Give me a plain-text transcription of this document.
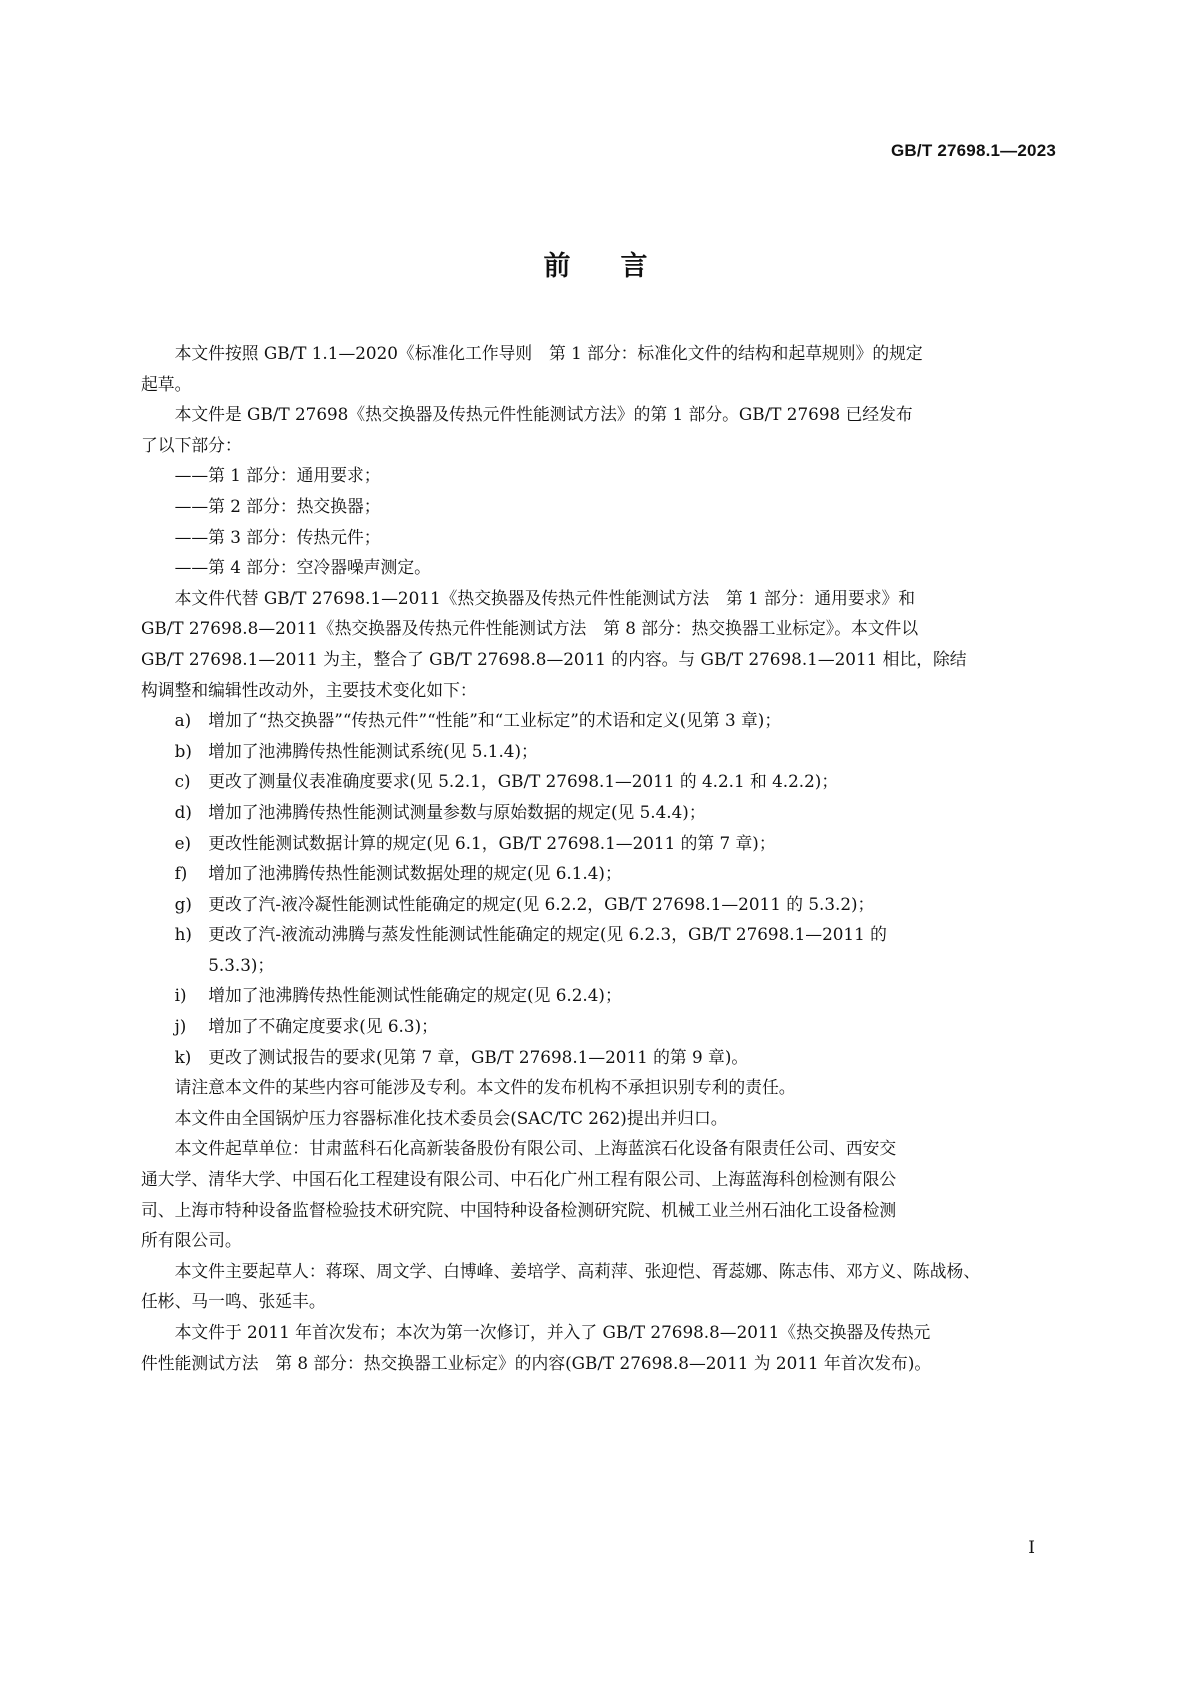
GB/T 27698.1—2023
前言

本文件按照 GB/T 1.1—2020《标准化工作导则　第 1 部分：标准化文件的结构和起草规则》的规定

起草。

本文件是 GB/T 27698《热交换器及传热元件性能测试方法》的第 1 部分。GB/T 27698 已经发布

了以下部分：

——第 1 部分：通用要求；
——第 2 部分：热交换器；
——第 3 部分：传热元件；
——第 4 部分：空冷器噪声测定。

本文件代替 GB/T 27698.1—2011《热交换器及传热元件性能测试方法　第 1 部分：通用要求》和

GB/T 27698.8—2011《热交换器及传热元件性能测试方法　第 8 部分：热交换器工业标定》。本文件以

GB/T 27698.1—2011 为主，整合了 GB/T 27698.8—2011 的内容。与 GB/T 27698.1—2011 相比，除结

构调整和编辑性改动外，主要技术变化如下：

a)	增加了“热交换器”“传热元件”“性能”和“工业标定”的术语和定义(见第 3 章)；
b) 增加了池沸腾传热性能测试系统(见 5.1.4)；
c)	更改了测量仪表准确度要求(见 5.2.1，GB/T 27698.1—2011 的 4.2.1 和 4.2.2)；
d) 增加了池沸腾传热性能测试测量参数与原始数据的规定(见 5.4.4)；
e)	更改性能测试数据计算的规定(见 6.1，GB/T 27698.1—2011 的第 7 章)；
f)	增加了池沸腾传热性能测试数据处理的规定(见 6.1.4)；
g) 更改了汽-液冷凝性能测试性能确定的规定(见 6.2.2，GB/T 27698.1—2011 的 5.3.2)；
h) 更改了汽-液流动沸腾与蒸发性能测试性能确定的规定(见 6.2.3，GB/T 27698.1—2011 的
5.3.3)；
i)	增加了池沸腾传热性能测试性能确定的规定(见 6.2.4)；
j)	增加了不确定度要求(见 6.3)；
k)	更改了测试报告的要求(见第 7 章，GB/T 27698.1—2011 的第 9 章)。

请注意本文件的某些内容可能涉及专利。本文件的发布机构不承担识别专利的责任。

本文件由全国锅炉压力容器标准化技术委员会(SAC/TC 262)提出并归口。

本文件起草单位：甘肃蓝科石化高新装备股份有限公司、上海蓝滨石化设备有限责任公司、西安交

通大学、清华大学、中国石化工程建设有限公司、中石化广州工程有限公司、上海蓝海科创检测有限公

司、上海市特种设备监督检验技术研究院、中国特种设备检测研究院、机械工业兰州石油化工设备检测

所有限公司。

本文件主要起草人：蒋琛、周文学、白博峰、姜培学、高莉萍、张迎恺、胥蕊娜、陈志伟、邓方义、陈战杨、

任彬、马一鸣、张延丰。

本文件于 2011 年首次发布；本次为第一次修订，并入了 GB/T 27698.8—2011《热交换器及传热元

件性能测试方法　第 8 部分：热交换器工业标定》的内容(GB/T 27698.8—2011 为 2011 年首次发布)。

I
